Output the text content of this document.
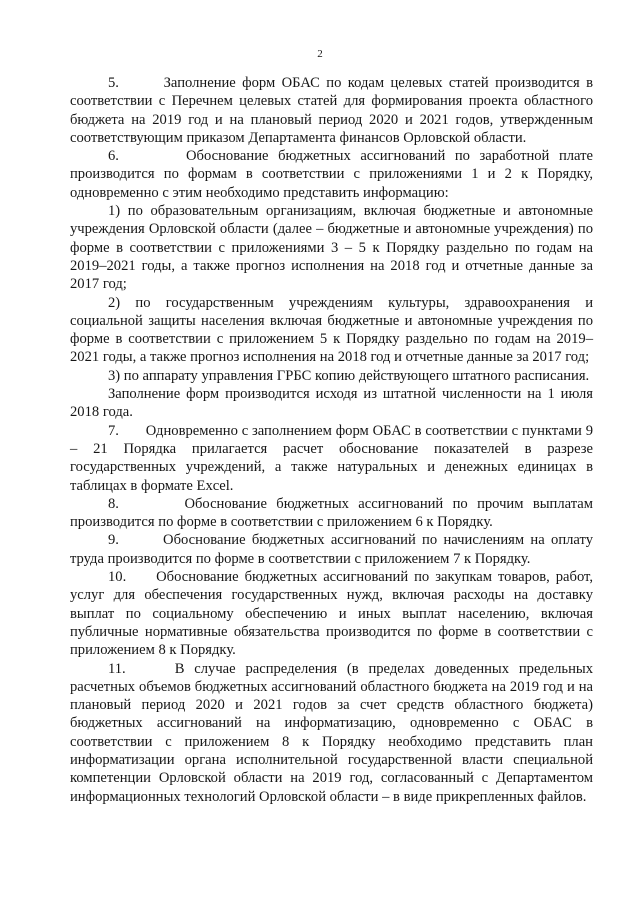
2

5.       Заполнение форм ОБАС по кодам целевых статей производится в соответствии с Перечнем целевых статей для формирования проекта областного бюджета на 2019 год и на плановый период 2020 и 2021 годов, утвержденным соответствующим приказом Департамента финансов Орловской области.

6.       Обоснование бюджетных ассигнований по заработной плате производится по формам в соответствии с приложениями 1 и 2 к Порядку, одновременно с этим необходимо представить информацию:

1) по образовательным организациям, включая бюджетные и автономные учреждения Орловской области (далее – бюджетные и автономные учреждения) по форме в соответствии с приложениями 3 – 5 к Порядку раздельно по годам на 2019–2021 годы, а также прогноз исполнения на 2018 год и отчетные данные за 2017 год;

2) по государственным учреждениям культуры, здравоохранения и социальной защиты населения включая бюджетные и автономные учреждения по форме в соответствии с приложением 5 к Порядку раздельно по годам на 2019–2021 годы, а также прогноз исполнения на 2018 год и отчетные данные за 2017 год;

3) по аппарату управления ГРБС копию действующего штатного расписания.

Заполнение форм производится исходя из штатной численности на 1 июля 2018 года.

7.       Одновременно с заполнением форм ОБАС в соответствии с пунктами 9 – 21 Порядка прилагается расчет обоснование показателей в разрезе государственных учреждений, а также натуральных и денежных единицах в таблицах в формате Excel.

8.       Обоснование бюджетных ассигнований по прочим выплатам производится по форме в соответствии с приложением 6 к Порядку.

9.       Обоснование бюджетных ассигнований по начислениям на оплату труда производится по форме в соответствии с приложением 7 к Порядку.

10.     Обоснование бюджетных ассигнований по закупкам товаров, работ, услуг для обеспечения государственных нужд, включая расходы на доставку выплат по социальному обеспечению и иных выплат населению, включая публичные нормативные обязательства производится по форме в соответствии с приложением 8 к Порядку.

11.     В случае распределения (в пределах доведенных предельных расчетных объемов бюджетных ассигнований областного бюджета на 2019 год и на плановый период 2020 и 2021 годов за счет средств областного бюджета) бюджетных ассигнований на информатизацию, одновременно с ОБАС в соответствии с приложением 8 к Порядку необходимо представить план информатизации органа исполнительной государственной власти специальной компетенции Орловской области на 2019 год, согласованный с Департаментом информационных технологий Орловской области – в виде прикрепленных файлов.
